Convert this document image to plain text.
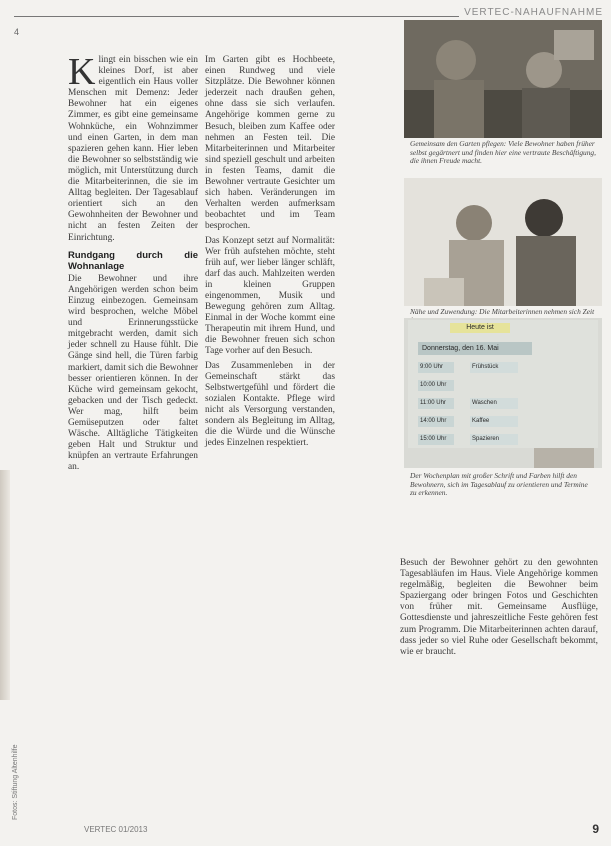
VERTEC-NAHAUFNAHME
4

Klingt ein bisschen wie ein kleines Dorf, ist aber eigentlich ein Haus voller Menschen mit Demenz: Jeder Bewohner hat ein eigenes Zimmer, es gibt eine gemeinsame Wohnküche, ein Wohnzimmer und einen Garten, in dem man spazieren gehen kann. Hier leben die Bewohner so selbstständig wie möglich, mit Unterstützung durch die Mitarbeiterinnen, die sie im Alltag begleiten. Der Tagesablauf orientiert sich an den Gewohnheiten der Bewohner und nicht an festen Zeiten der Einrichtung.

Rundgang durch die Wohnanlage

Die Bewohner und ihre Angehörigen werden schon beim Einzug einbezogen. Gemeinsam wird besprochen, welche Möbel und Erinnerungsstücke mitgebracht werden, damit sich jeder schnell zu Hause fühlt. Die Gänge sind hell, die Türen farbig markiert, damit sich die Bewohner besser orientieren können. In der Küche wird gemeinsam gekocht, gebacken und der Tisch gedeckt. Wer mag, hilft beim Gemüseputzen oder faltet Wäsche. Alltägliche Tätigkeiten geben Halt und Struktur und knüpfen an vertraute Erfahrungen an.

Im Garten gibt es Hochbeete, einen Rundweg und viele Sitzplätze. Die Bewohner können jederzeit nach draußen gehen, ohne dass sie sich verlaufen. Angehörige kommen gerne zu Besuch, bleiben zum Kaffee oder nehmen an Festen teil. Die Mitarbeiterinnen und Mitarbeiter sind speziell geschult und arbeiten in festen Teams, damit die Bewohner vertraute Gesichter um sich haben. Veränderungen im Verhalten werden aufmerksam beobachtet und im Team besprochen.

Das Konzept setzt auf Normalität: Wer früh aufstehen möchte, steht früh auf, wer lieber länger schläft, darf das auch. Mahlzeiten werden in kleinen Gruppen eingenommen, Musik und Bewegung gehören zum Alltag. Einmal in der Woche kommt eine Therapeutin mit ihrem Hund, und die Bewohner freuen sich schon Tage vorher auf den Besuch.

Das Zusammenleben in der Gemeinschaft stärkt das Selbstwertgefühl und fördert die sozialen Kontakte. Pflege wird nicht als Versorgung verstanden, sondern als Begleitung im Alltag, die die Würde und die Wünsche jedes Einzelnen respektiert.

Gemeinsam den Garten pflegen: Viele Bewohner haben früher selbst gegärtnert und finden hier eine vertraute Beschäftigung, die ihnen Freude macht.
Nähe und Zuwendung: Die Mitarbeiterinnen nehmen sich Zeit
Heute ist
Donnerstag, den 16. Mai
9:00 Uhr	Frühstück
10:00 Uhr
11:00 Uhr	Waschen
14:00 Uhr	Kaffee
15:00 Uhr	Spazieren
Der Wochenplan mit großer Schrift und Farben hilft den Bewohnern, sich im Tagesablauf zu orientieren und Termine zu erkennen.

Besuch der Bewohner gehört zu den gewohnten Tagesabläufen im Haus. Viele Angehörige kommen regelmäßig, begleiten die Bewohner beim Spaziergang oder bringen Fotos und Geschichten von früher mit. Gemeinsame Ausflüge, Gottesdienste und jahreszeitliche Feste gehören fest zum Programm. Die Mitarbeiterinnen achten darauf, dass jeder so viel Ruhe oder Gesellschaft bekommt, wie er braucht.

Fotos: Stiftung Altenhilfe
VERTEC 01/2013	9
